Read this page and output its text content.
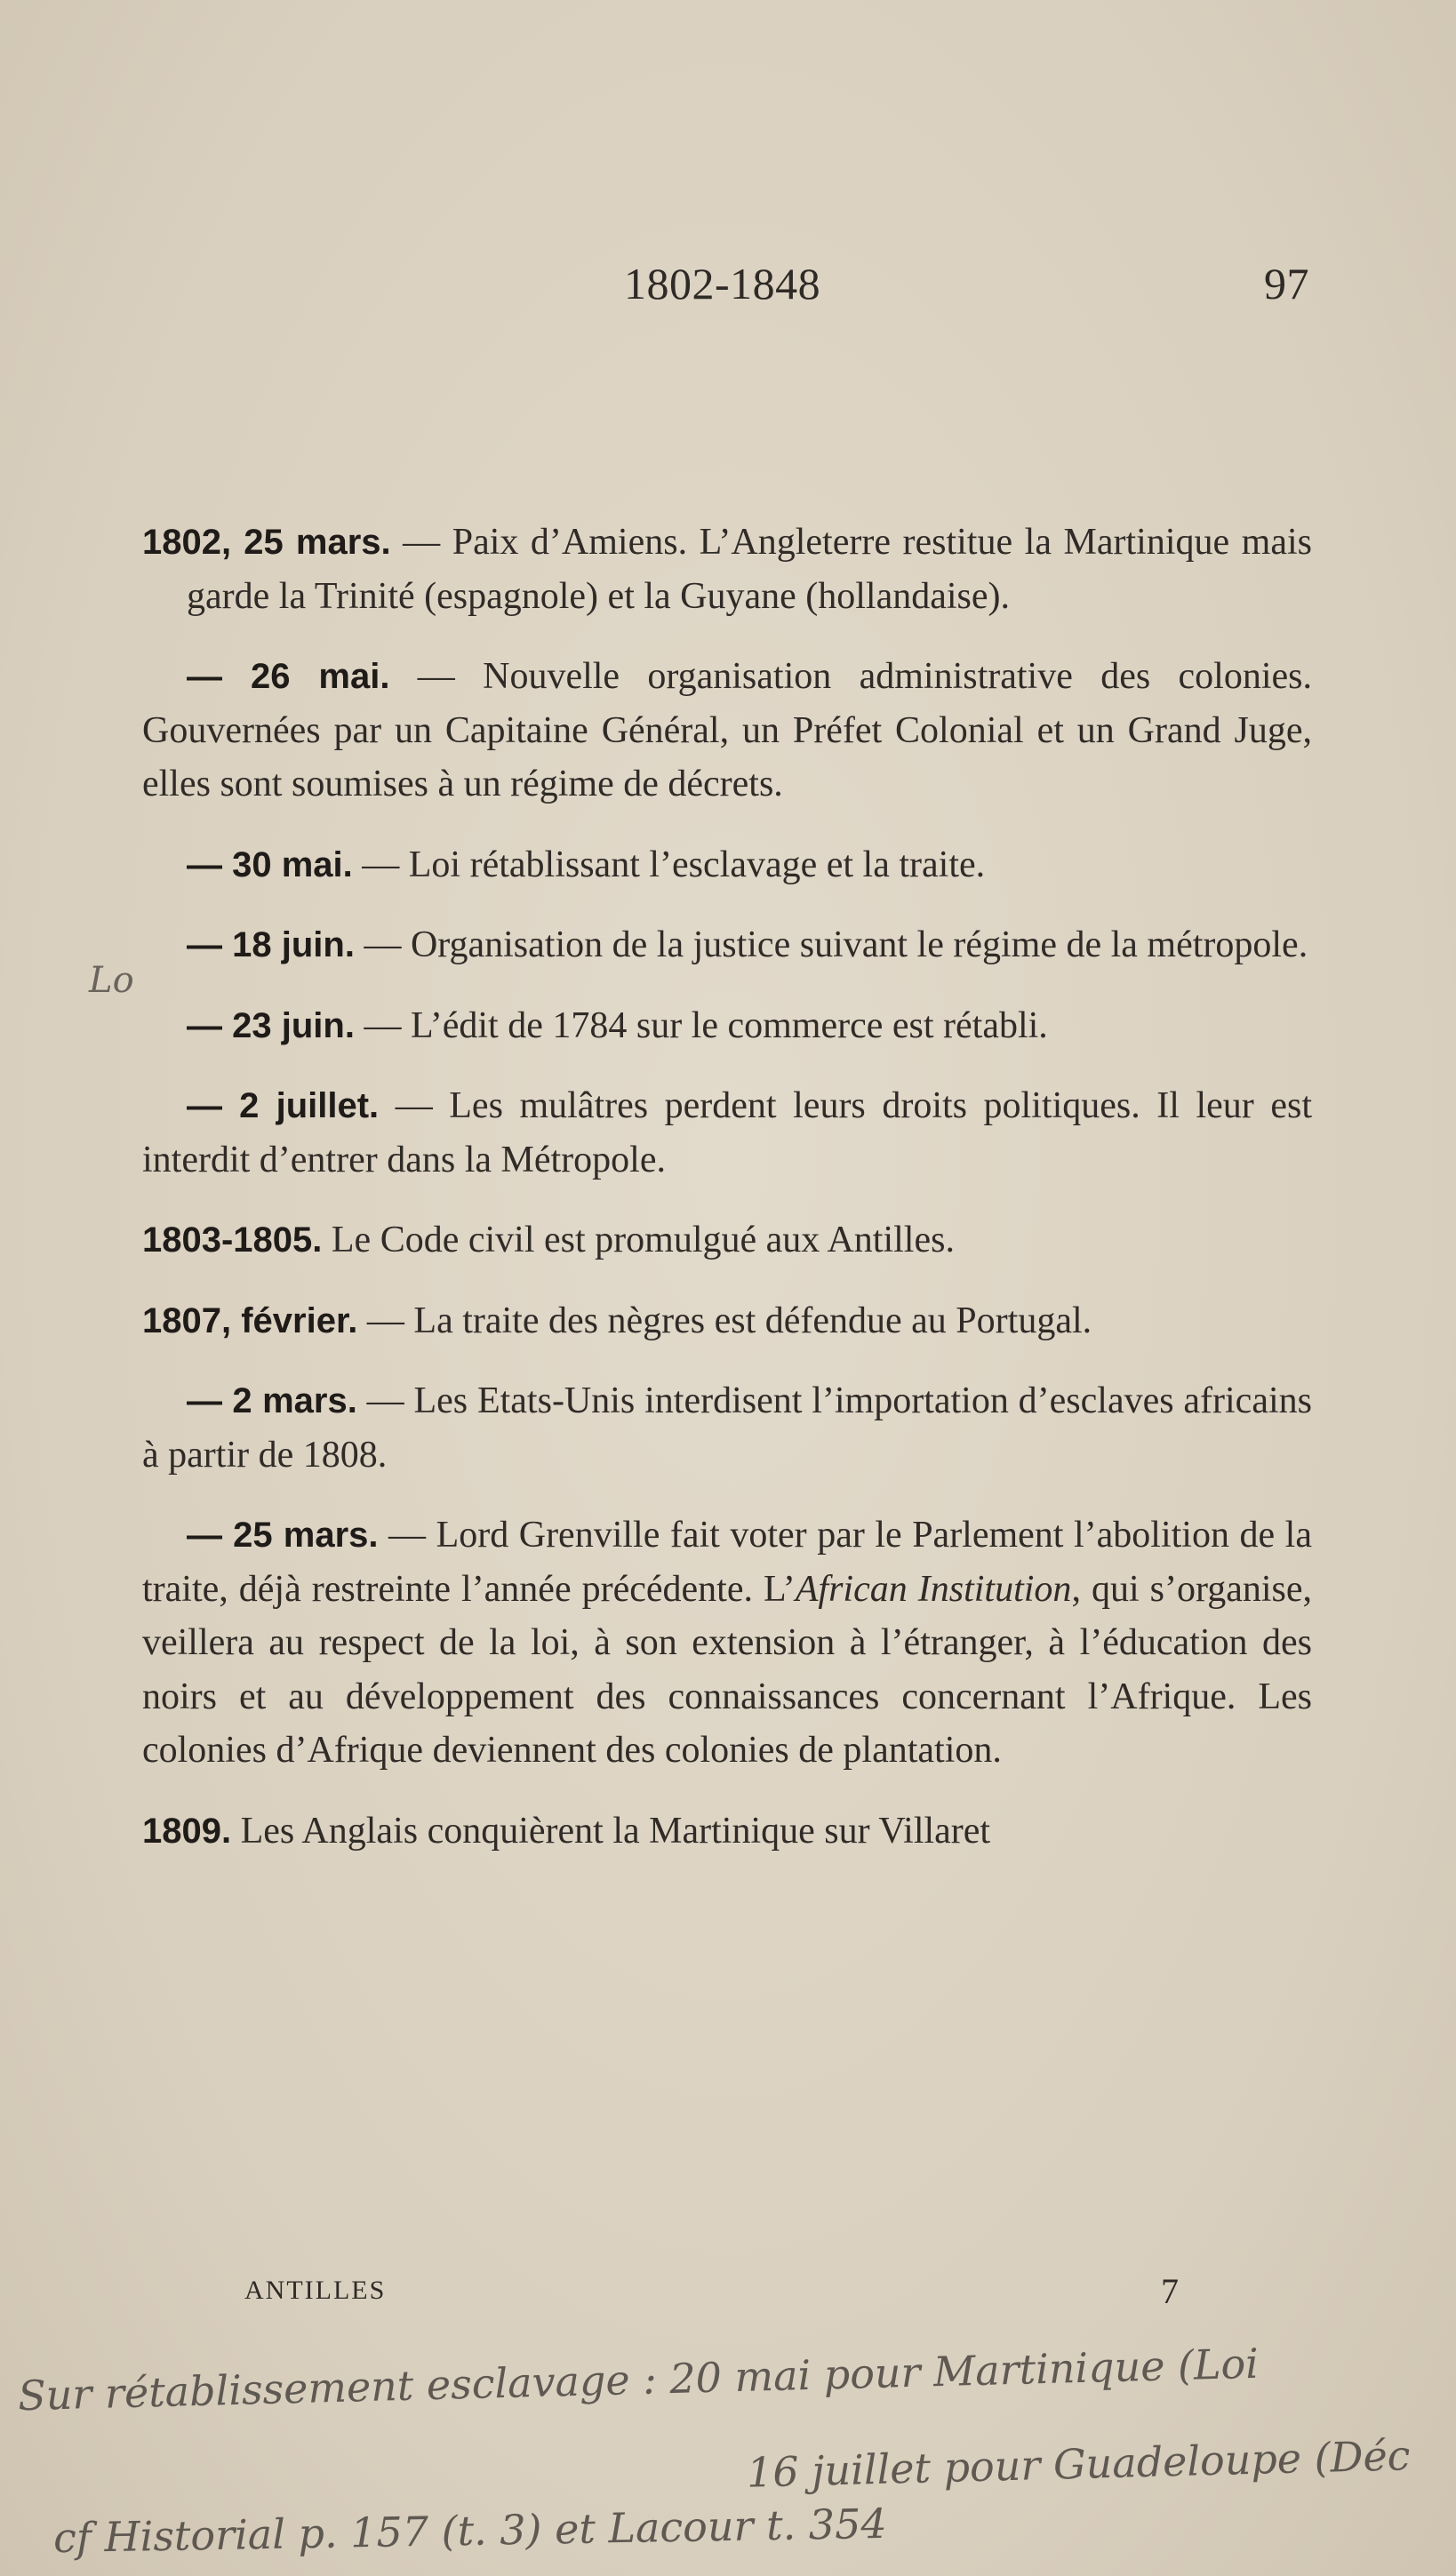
1802-1848	97
Lo

1802, 25 mars. — Paix d’Amiens. L’Angleterre restitue la Martinique mais garde la Trinité (espagnole) et la Guyane (hollandaise).

— 26 mai. — Nouvelle organisation administrative des colonies. Gouvernées par un Capitaine Général, un Préfet Colonial et un Grand Juge, elles sont soumises à un régime de décrets.

— 30 mai. — Loi rétablissant l’esclavage et la traite.

— 18 juin. — Organisation de la justice suivant le régime de la métropole.

— 23 juin. — L’édit de 1784 sur le commerce est rétabli.

— 2 juillet. — Les mulâtres perdent leurs droits politiques. Il leur est interdit d’entrer dans la Métropole.

1803-1805. Le Code civil est promulgué aux Antilles.

1807, février. — La traite des nègres est défendue au Portugal.

— 2 mars. — Les Etats-Unis interdisent l’importation d’esclaves africains à partir de 1808.

— 25 mars. — Lord Grenville fait voter par le Parlement l’abolition de la traite, déjà restreinte l’année précédente. L’African Institution, qui s’organise, veillera au respect de la loi, à son extension à l’étranger, à l’éducation des noirs et au développement des connaissances concernant l’Afrique. Les colonies d’Afrique deviennent des colonies de plantation.

1809. Les Anglais conquièrent la Martinique sur Villaret

ANTILLES	7
Sur rétablissement esclavage : 20 mai pour Martinique (Loi
16 juillet pour Guadeloupe (Déc
cf Historial p. 157 (t. 3) et Lacour t. 354
